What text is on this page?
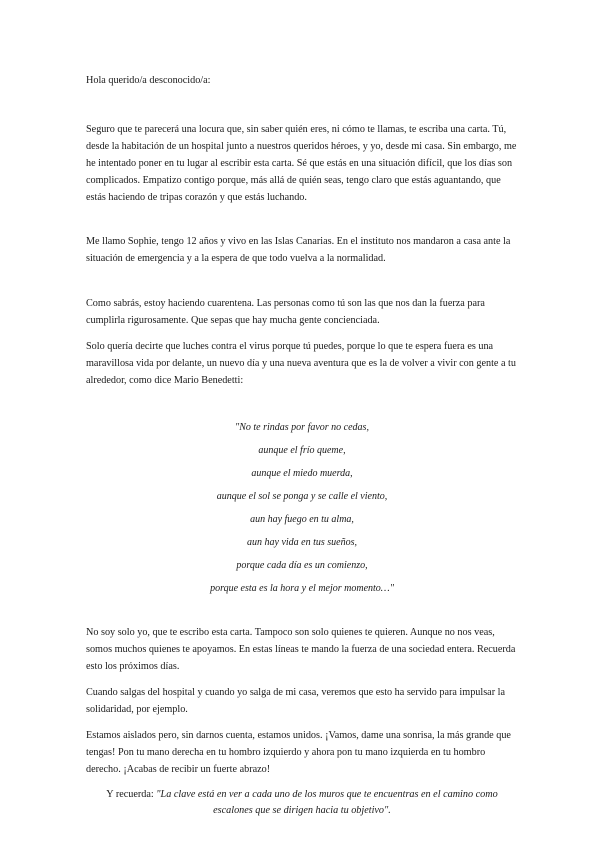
Hola querido/a desconocido/a:

Seguro que te parecerá una locura que, sin saber quién eres, ni cómo te llamas, te escriba una carta. Tú, desde la habitación de un hospital junto a nuestros queridos héroes, y yo, desde mi casa. Sin embargo, me he intentado poner en tu lugar al escribir esta carta. Sé que estás en una situación difícil, que los días son complicados. Empatizo contigo porque, más allá de quién seas, tengo claro que estás aguantando, que estás haciendo de tripas corazón y que estás luchando.

Me llamo Sophie, tengo 12 años y vivo en las Islas Canarias. En el instituto nos mandaron a casa ante la situación de emergencia y a la espera de que todo vuelva a la normalidad.

Como sabrás, estoy haciendo cuarentena. Las personas como tú son las que nos dan la fuerza para cumplirla rigurosamente. Que sepas que hay mucha gente concienciada.

Solo quería decirte que luches contra el virus porque tú puedes, porque lo que te espera fuera es una maravillosa vida por delante, un nuevo día y una nueva aventura que es la de volver a vivir con gente a tu alrededor, como dice Mario Benedetti:

"No te rindas por favor no cedas,
aunque el frío queme,
aunque el miedo muerda,
aunque el sol se ponga y se calle el viento,
aun hay fuego en tu alma,
aun hay vida en tus sueños,
porque cada día es un comienzo,
porque esta es la hora y el mejor momento…"

No soy solo yo, que te escribo esta carta. Tampoco son solo quienes te quieren. Aunque no nos veas, somos muchos quienes te apoyamos. En estas líneas te mando la fuerza de una sociedad entera. Recuerda esto los próximos días.

Cuando salgas del hospital y cuando yo salga de mi casa, veremos que esto ha servido para impulsar la solidaridad, por ejemplo.

Estamos aislados pero, sin darnos cuenta, estamos unidos. ¡Vamos, dame una sonrisa, la más grande que tengas! Pon tu mano derecha en tu hombro izquierdo y ahora pon tu mano izquierda en tu hombro derecho. ¡Acabas de recibir un fuerte abrazo!

Y recuerda: "La clave está en ver a cada uno de los muros que te encuentras en el camino como escalones que se dirigen hacia tu objetivo".
